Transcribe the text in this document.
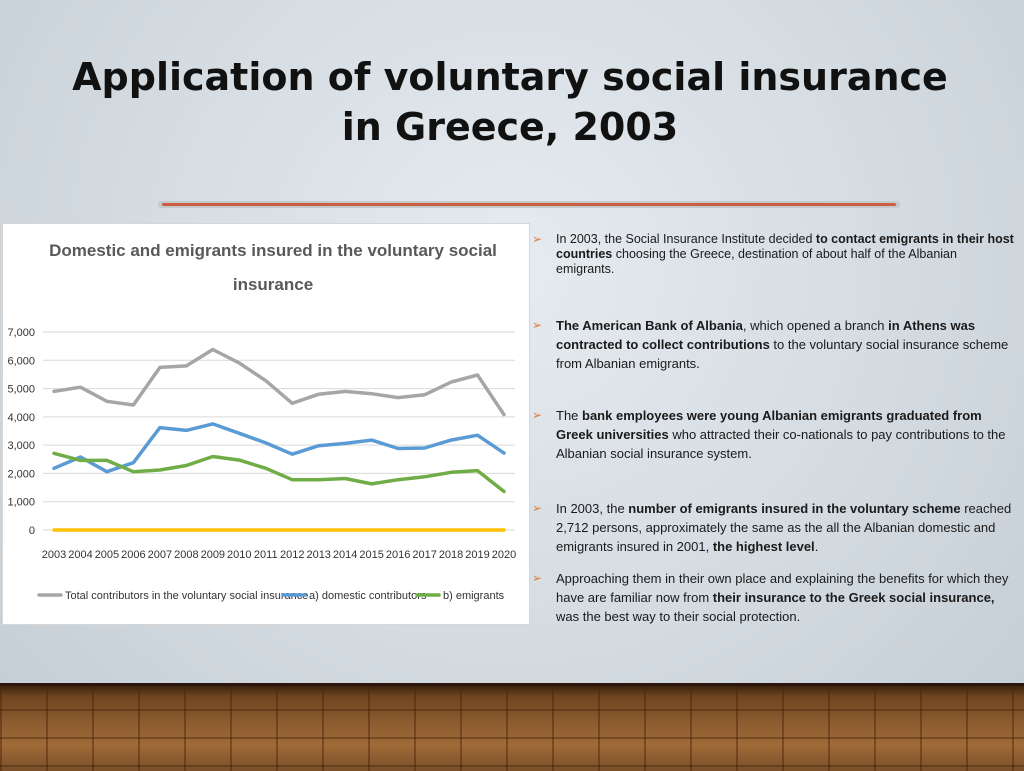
Application of voluntary social insurance
in Greece, 2003
Domestic and emigrants insured in the voluntary social
insurance
7,000
6,000
5,000
4,000
3,000
2,000
1,000
0
2003 2004 2005 2006 2007 2008 2009 2010 2011 2012 2013 2014 2015 2016 2017 2018 2019 2020
Total contributors in the voluntary social insurance a) domestic contributors b) emigrants
➢ In 2003, the Social Insurance Institute decided to contact emigrants in their host countries choosing the Greece, destination of about half of the Albanian emigrants.
➢ The American Bank of Albania, which opened a branch in Athens was contracted to collect contributions to the voluntary social insurance scheme from Albanian emigrants.
➢ The bank employees were young Albanian emigrants graduated from Greek universities who attracted their co-nationals to pay contributions to the Albanian social insurance system.
➢ In 2003, the number of emigrants insured in the voluntary scheme reached 2,712 persons, approximately the same as the all the Albanian domestic and emigrants insured in 2001, the highest level.
➢ Approaching them in their own place and explaining the benefits for which they have are familiar now from their insurance to the Greek social insurance, was the best way to their social protection.
